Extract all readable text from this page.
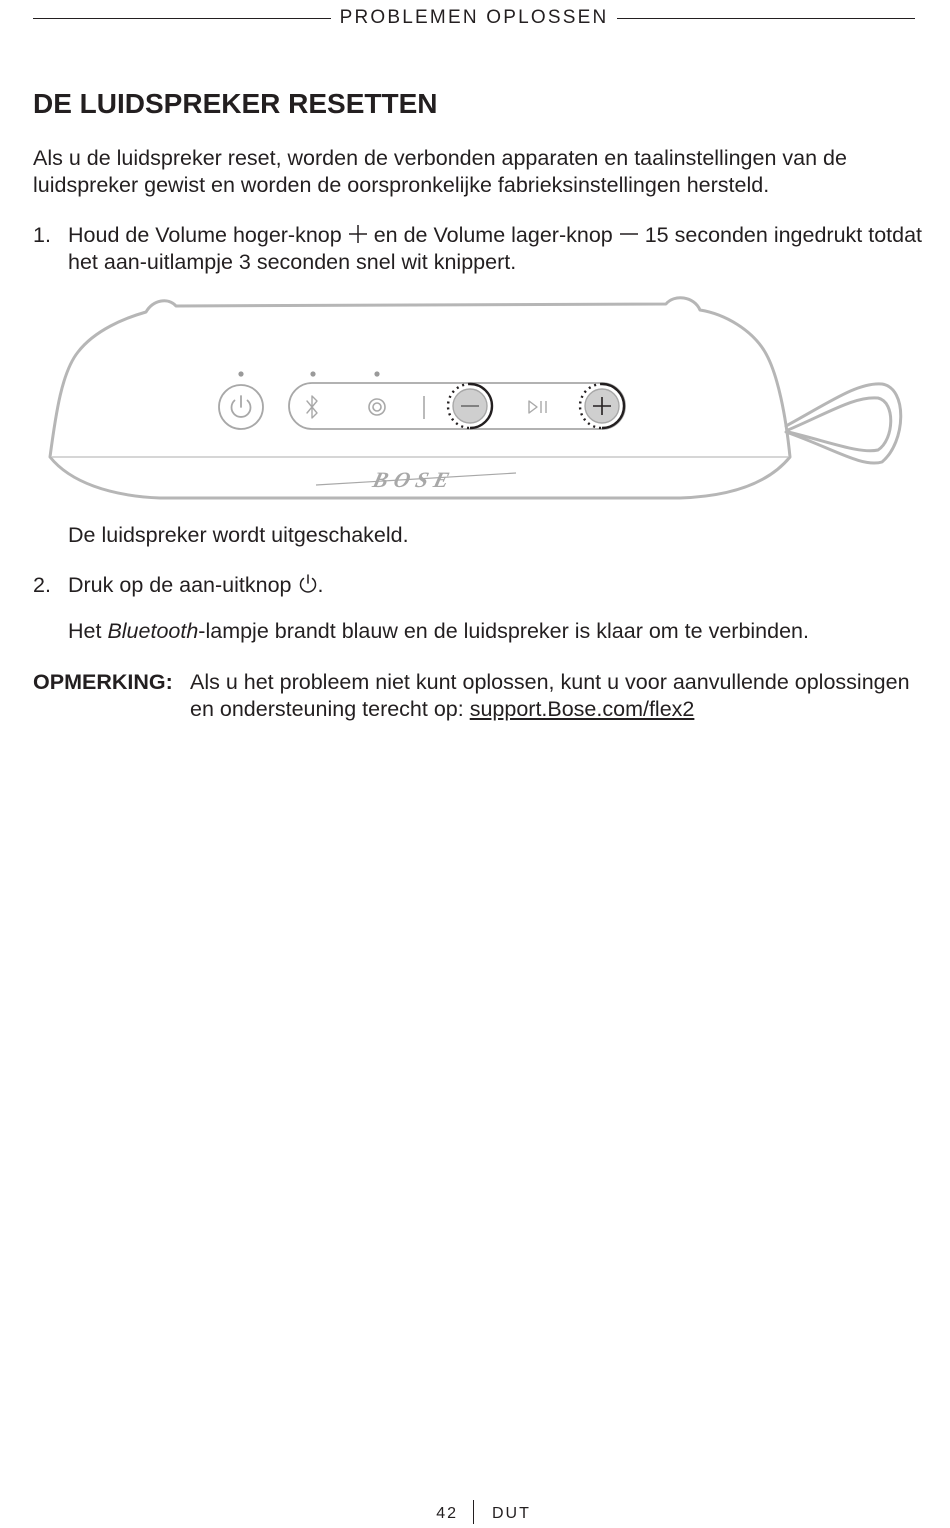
PROBLEMEN OPLOSSEN
DE LUIDSPREKER RESETTEN

Als u de luidspreker reset, worden de verbonden apparaten en taalinstellingen van de luidspreker gewist en worden de oorspronkelijke fabrieksinstellingen hersteld.

1. Houd de Volume hoger-knop en de Volume lager-knop 15 seconden ingedrukt totdat het aan-uitlampje 3 seconden snel wit knippert.
BOSE

De luidspreker wordt uitgeschakeld.

2. Druk op de aan-uitknop .

Het Bluetooth-lampje brandt blauw en de luidspreker is klaar om te verbinden.

OPMERKING: Als u het probleem niet kunt oplossen, kunt u voor aanvullende oplossingen en ondersteuning terecht op: support.Bose.com/flex2
42 DUT
